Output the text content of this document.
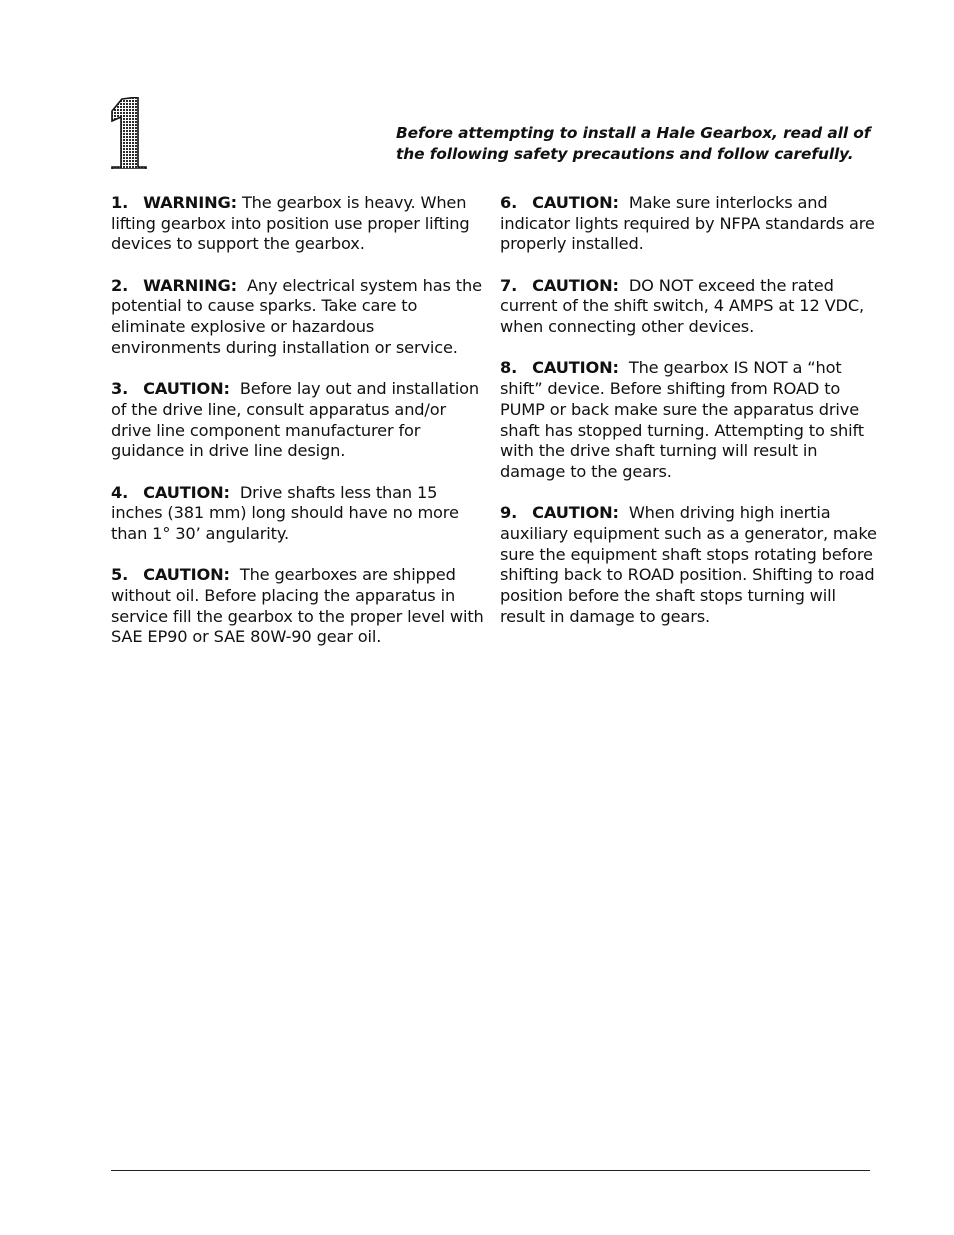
Before attempting to install a Hale Gearbox, read all of
the following safety precautions and follow carefully.
1. WARNING: The gearbox is heavy. When lifting gearbox into position use proper lifting devices to support the gearbox.
2. WARNING: Any electrical system has the potential to cause sparks. Take care to eliminate explosive or hazardous environments during installation or service.
3. CAUTION: Before lay out and installation of the drive line, consult apparatus and/or drive line component manufacturer for guidance in drive line design.
4. CAUTION: Drive shafts less than 15 inches (381 mm) long should have no more than 1° 30’ angularity.
5. CAUTION: The gearboxes are shipped without oil. Before placing the apparatus in service fill the gearbox to the proper level with SAE EP90 or SAE 80W-90 gear oil.
6. CAUTION: Make sure interlocks and indicator lights required by NFPA standards are properly installed.
7. CAUTION: DO NOT exceed the rated current of the shift switch, 4 AMPS at 12 VDC, when connecting other devices.
8. CAUTION: The gearbox IS NOT a “hot shift” device. Before shifting from ROAD to PUMP or back make sure the apparatus drive shaft has stopped turning. Attempting to shift with the drive shaft turning will result in damage to the gears.
9. CAUTION: When driving high inertia auxiliary equipment such as a generator, make sure the equipment shaft stops rotating before shifting back to ROAD position. Shifting to road position before the shaft stops turning will result in damage to gears.
